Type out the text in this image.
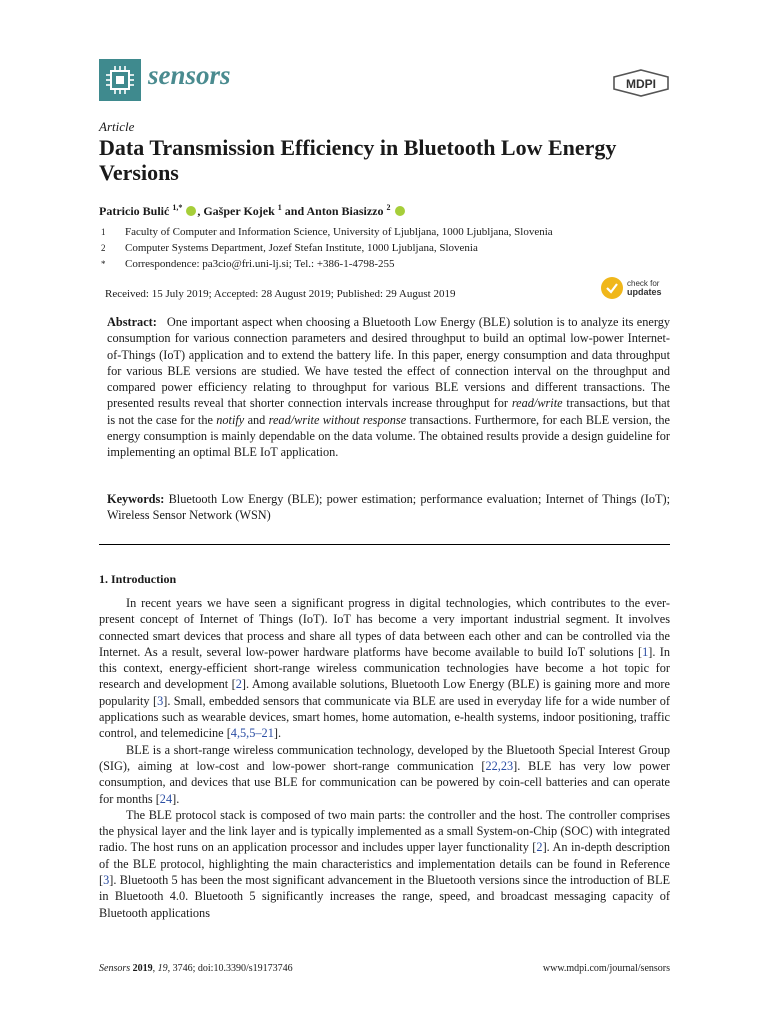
sensors	MDPI
Article
Data Transmission Efficiency in Bluetooth Low Energy Versions
Patricio Bulić $^{1,*}$ , Gašper Kojek $^1$ and Anton Biasizzo $^2$
1	Faculty of Computer and Information Science, University of Ljubljana, 1000 Ljubljana, Slovenia
2	Computer Systems Department, Jozef Stefan Institute, 1000 Ljubljana, Slovenia
*	Correspondence: pa3cio@fri.uni-lj.si; Tel.: +386-1-4798-255
check for
updates
Received: 15 July 2019; Accepted: 28 August 2019; Published: 29 August 2019

Abstract: One important aspect when choosing a Bluetooth Low Energy (BLE) solution is to analyze its energy consumption for various connection parameters and desired throughput to build an optimal low-power Internet-of-Things (IoT) application and to extend the battery life. In this paper, energy consumption and data throughput for various BLE versions are studied. We have tested the effect of connection interval on the throughput and compared power efficiency relating to throughput for various BLE versions and different transactions. The presented results reveal that shorter connection intervals increase throughput for read/write transactions, but that is not the case for the notify and read/write without response transactions. Furthermore, for each BLE version, the energy consumption is mainly dependable on the data volume. The obtained results provide a design guideline for implementing an optimal BLE IoT application.

Keywords: Bluetooth Low Energy (BLE); power estimation; performance evaluation; Internet of Things (IoT); Wireless Sensor Network (WSN)

1. Introduction

In recent years we have seen a significant progress in digital technologies, which contributes to the ever-present concept of Internet of Things (IoT). IoT has become a very important industrial segment. It involves connected smart devices that process and share all types of data between each other and can be controlled via the Internet. As a result, several low-power hardware platforms have become available to build IoT solutions [1]. In this context, energy-efficient short-range wireless communication technologies have become a hot topic for research and development [2]. Among available solutions, Bluetooth Low Energy (BLE) is gaining more and more popularity [3]. Small, embedded sensors that communicate via BLE are used in everyday life for a wide number of applications such as wearable devices, smart homes, home automation, e-health systems, indoor positioning, traffic control, and telemedicine [4,5,5–21].

BLE is a short-range wireless communication technology, developed by the Bluetooth Special Interest Group (SIG), aiming at low-cost and low-power short-range communication [22,23]. BLE has very low power consumption, and devices that use BLE for communication can be powered by coin-cell batteries and can operate for months [24].

The BLE protocol stack is composed of two main parts: the controller and the host. The controller comprises the physical layer and the link layer and is typically implemented as a small System-on-Chip (SOC) with integrated radio. The host runs on an application processor and includes upper layer functionality [2]. An in-depth description of the BLE protocol, highlighting the main characteristics and implementation details can be found in Reference [3]. Bluetooth 5 has been the most significant advancement in the Bluetooth versions since the introduction of BLE in Bluetooth 4.0. Bluetooth 5 significantly increases the range, speed, and broadcast messaging capacity of Bluetooth applications

Sensors 2019, 19, 3746; doi:10.3390/s19173746	www.mdpi.com/journal/sensors
